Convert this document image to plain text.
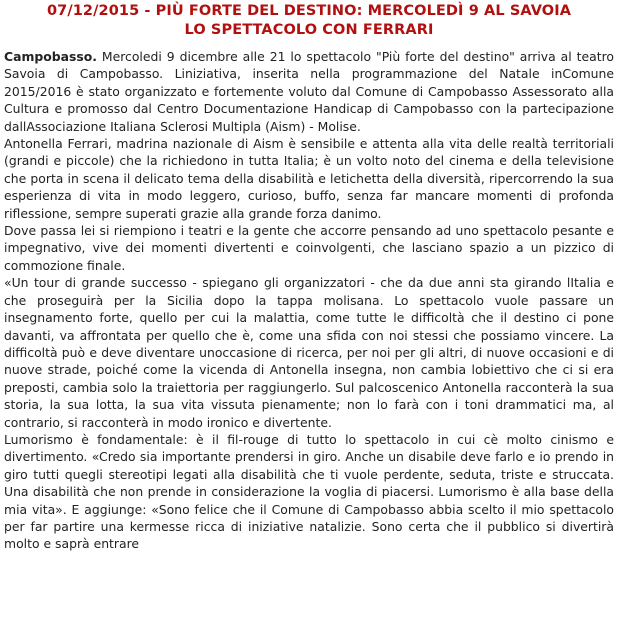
07/12/2015 - PIÙ FORTE DEL DESTINO: MERCOLEDÌ 9 AL SAVOIA
LO SPETTACOLO CON FERRARI

Campobasso. Mercoledi 9 dicembre alle 21 lo spettacolo "Più forte del destino" arriva al teatro Savoia di Campobasso. Liniziativa, inserita nella programmazione del Natale inComune 2015/2016 è stato organizzato e fortemente voluto dal Comune di Campobasso Assessorato alla Cultura e promosso dal Centro Documentazione Handicap di Campobasso con la partecipazione dallAssociazione Italiana Sclerosi Multipla (Aism) - Molise.

Antonella Ferrari, madrina nazionale di Aism è sensibile e attenta alla vita delle realtà territoriali (grandi e piccole) che la richiedono in tutta Italia; è un volto noto del cinema e della televisione che porta in scena il delicato tema della disabilità e letichetta della diversità, ripercorrendo la sua esperienza di vita in modo leggero, curioso, buffo, senza far mancare momenti di profonda riflessione, sempre superati grazie alla grande forza danimo.

Dove passa lei si riempiono i teatri e la gente che accorre pensando ad uno spettacolo pesante e impegnativo, vive dei momenti divertenti e coinvolgenti, che lasciano spazio a un pizzico di commozione finale.

«Un tour di grande successo - spiegano gli organizzatori - che da due anni sta girando lItalia e che proseguirà per la Sicilia dopo la tappa molisana. Lo spettacolo vuole passare un insegnamento forte, quello per cui la malattia, come tutte le difficoltà che il destino ci pone davanti, va affrontata per quello che è, come una sfida con noi stessi che possiamo vincere. La difficoltà può e deve diventare unoccasione di ricerca, per noi per gli altri, di nuove occasioni e di nuove strade, poiché come la vicenda di Antonella insegna, non cambia lobiettivo che ci si era preposti, cambia solo la traiettoria per raggiungerlo. Sul palcoscenico Antonella racconterà la sua storia, la sua lotta, la sua vita vissuta pienamente; non lo farà con i toni drammatici ma, al contrario, si racconterà in modo ironico e divertente.

Lumorismo è fondamentale: è il fil-rouge di tutto lo spettacolo in cui cè molto cinismo e divertimento. «Credo sia importante prendersi in giro. Anche un disabile deve farlo e io prendo in giro tutti quegli stereotipi legati alla disabilità che ti vuole perdente, seduta, triste e struccata. Una disabilità che non prende in considerazione la voglia di piacersi. Lumorismo è alla base della mia vita». E aggiunge: «Sono felice che il Comune di Campobasso abbia scelto il mio spettacolo per far partire una kermesse ricca di iniziative natalizie. Sono certa che il pubblico si divertirà molto e saprà entrare
